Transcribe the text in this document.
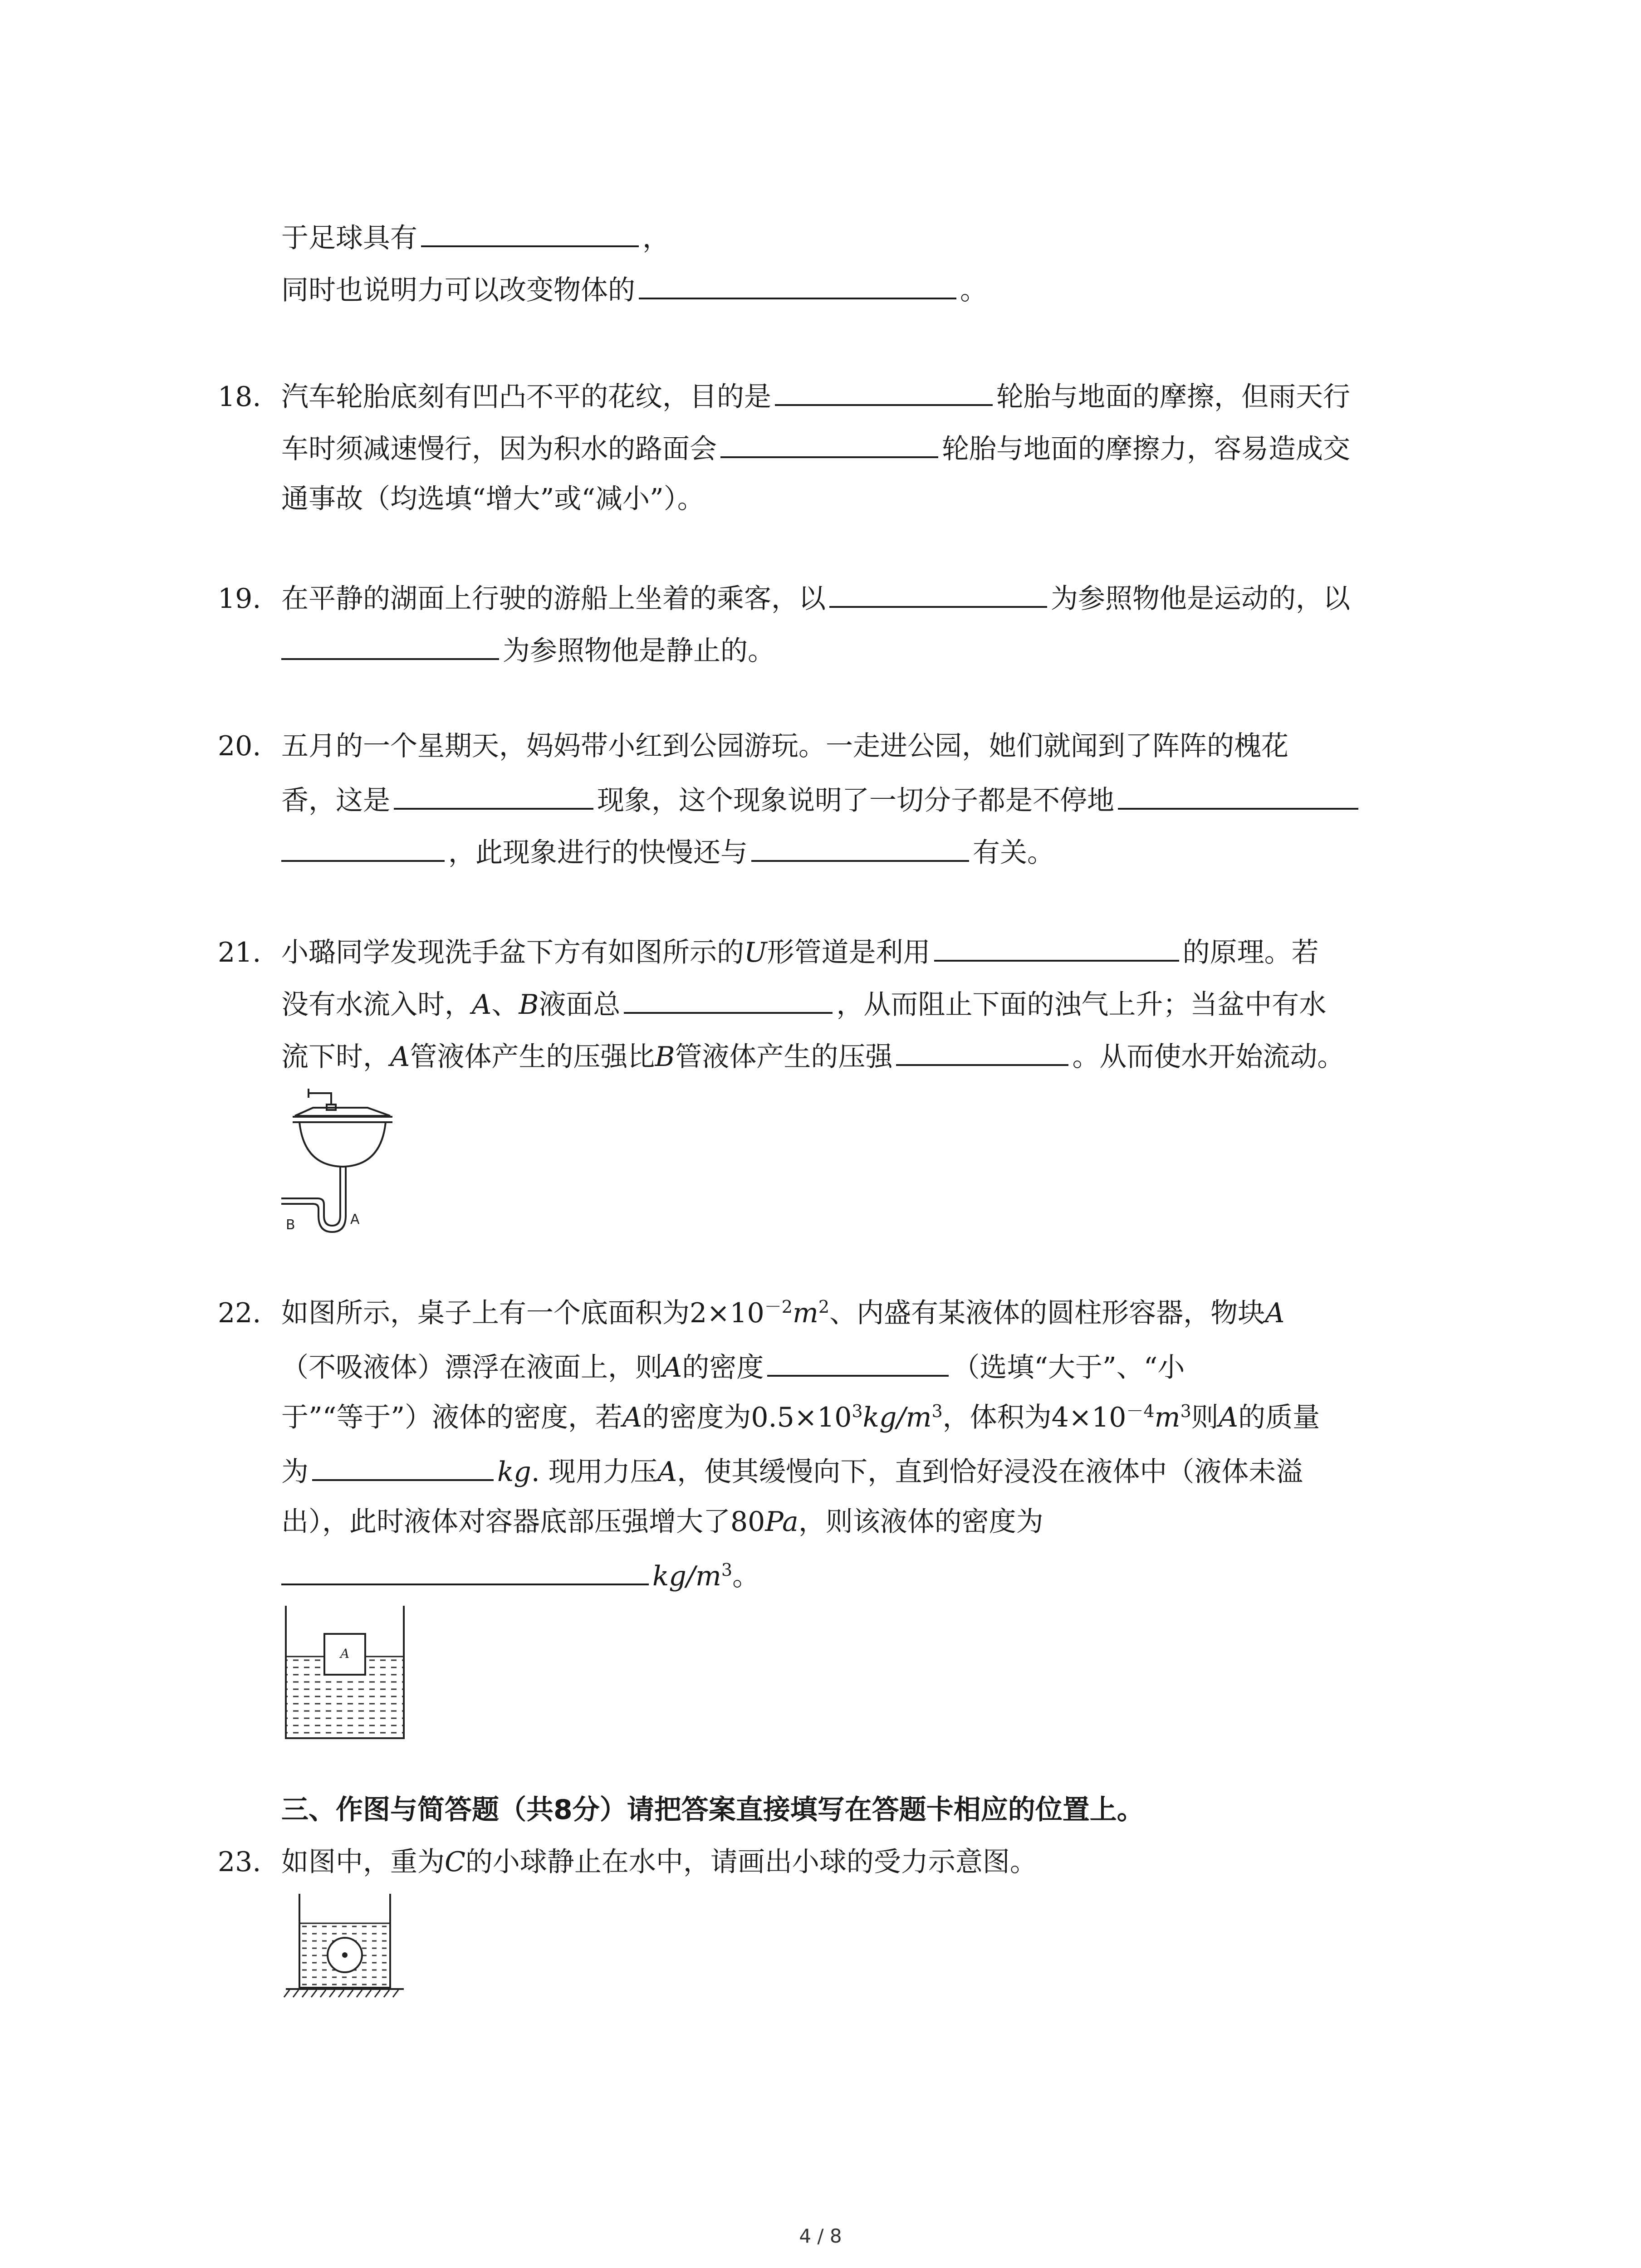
于足球具有	，
同时也说明力可以改变物体的	。
18. 汽车轮胎底刻有凹凸不平的花纹，目的是	轮胎与地面的摩擦，但雨天行
车时须减速慢行，因为积水的路面会	轮胎与地面的摩擦力，容易造成交
通事故（均选填“增大”或“减小”）。
19. 在平静的湖面上行驶的游船上坐着的乘客，以	为参照物他是运动的，以
为参照物他是静止的。
20. 五月的一个星期天，妈妈带小红到公园游玩。一走进公园，她们就闻到了阵阵的槐花
香，这是	现象，这个现象说明了一切分子都是不停地
，此现象进行的快慢还与	有关。
21. 小璐同学发现洗手盆下方有如图所示的U形管道是利用	的原理。若
没有水流入时，A、B液面总	，从而阻止下面的浊气上升；当盆中有水
流下时，A管液体产生的压强比B管液体产生的压强	。从而使水开始流动。
B	A
22. 如图所示，桌子上有一个底面积为$2\times 10^{-2}m^2$、内盛有某液体的圆柱形容器，物块A
（不吸液体）漂浮在液面上，则A的密度	（选填“大于”、“小
于”“等于”）液体的密度，若A的密度为$0.5\times 10^3kg/m^3$，体积为$4\times 10^{-4}m^3$则A的质量
为	kg. 现用力压A，使其缓慢向下，直到恰好浸没在液体中（液体未溢
出），此时液体对容器底部压强增大了80Pa，则该液体的密度为
$kg/m^3$。
A
三、作图与简答题（共8分）请把答案直接填写在答题卡相应的位置上。
23. 如图中，重为C的小球静止在水中，请画出小球的受力示意图。
4 / 8
